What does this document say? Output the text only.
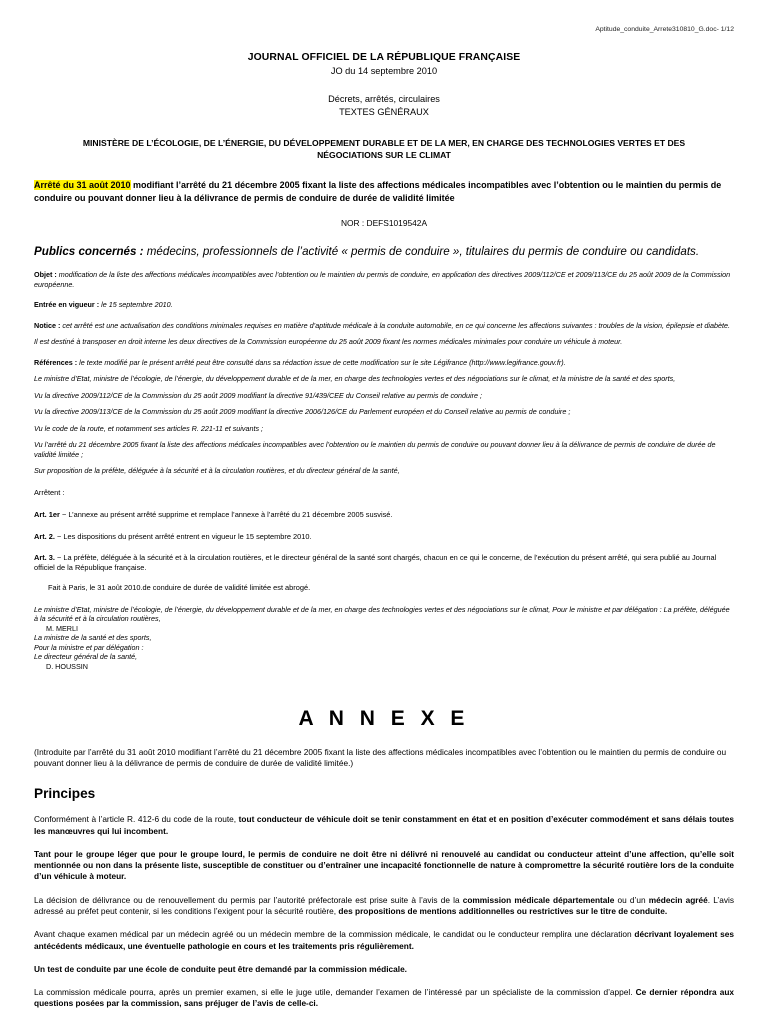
Aptitude_conduite_Arrete310810_G.doc- 1/12
JOURNAL OFFICIEL DE LA RÉPUBLIQUE FRANÇAISE
JO du 14 septembre 2010
Décrets, arrêtés, circulaires
TEXTES GÉNÉRAUX
MINISTÈRE DE L’ÉCOLOGIE, DE L’ÉNERGIE, DU DÉVELOPPEMENT DURABLE ET DE LA MER, EN CHARGE DES TECHNOLOGIES VERTES ET DES NÉGOCIATIONS SUR LE CLIMAT
Arrêté du 31 août 2010 modifiant l’arrêté du 21 décembre 2005 fixant la liste des affections médicales incompatibles avec l’obtention ou le maintien du permis de conduire ou pouvant donner lieu à la délivrance de permis de conduire de durée de validité limitée
NOR : DEFS1019542A
Publics concernés : médecins, professionnels de l’activité « permis de conduire », titulaires du permis de conduire ou candidats.
Objet : modification de la liste des affections médicales incompatibles avec l’obtention ou le maintien du permis de conduire, en application des directives 2009/112/CE et 2009/113/CE du 25 août 2009 de la Commission européenne.
Entrée en vigueur : le 15 septembre 2010.
Notice : cet arrêté est une actualisation des conditions minimales requises en matière d’aptitude médicale à la conduite automobile, en ce qui concerne les affections suivantes : troubles de la vision, épilepsie et diabète.
Il est destiné à transposer en droit interne les deux directives de la Commission européenne du 25 août 2009 fixant les normes médicales minimales pour conduire un véhicule à moteur.
Références : le texte modifié par le présent arrêté peut être consulté dans sa rédaction issue de cette modification sur le site Légifrance (http://www.legifrance.gouv.fr).
Le ministre d’Etat, ministre de l’écologie, de l’énergie, du développement durable et de la mer, en charge des technologies vertes et des négociations sur le climat, et la ministre de la santé et des sports,
Vu la directive 2009/112/CE de la Commission du 25 août 2009 modifiant la directive 91/439/CEE du Conseil relative au permis de conduire ;
Vu la directive 2009/113/CE de la Commission du 25 août 2009 modifiant la directive 2006/126/CE du Parlement européen et du Conseil relative au permis de conduire ;
Vu le code de la route, et notamment ses articles R. 221-11 et suivants ;
Vu l’arrêté du 21 décembre 2005 fixant la liste des affections médicales incompatibles avec l’obtention ou le maintien du permis de conduire ou pouvant donner lieu à la délivrance de permis de conduire de durée de validité limitée ;
Sur proposition de la préfète, déléguée à la sécurité et à la circulation routières, et du directeur général de la santé,
Arrêtent :
Art. 1er − L’annexe au présent arrêté supprime et remplace l’annexe à l’arrêté du 21 décembre 2005 susvisé.
Art. 2. − Les dispositions du présent arrêté entrent en vigueur le 15 septembre 2010.
Art. 3. − La préfète, déléguée à la sécurité et à la circulation routières, et le directeur général de la santé sont chargés, chacun en ce qui le concerne, de l’exécution du présent arrêté, qui sera publié au Journal officiel de la République française.
Fait à Paris, le 31 août 2010.de conduire de durée de validité limitée est abrogé.
Le ministre d’Etat, ministre de l’écologie, de l’énergie, du développement durable et de la mer, en charge des technologies vertes et des négociations sur le climat, Pour le ministre et par délégation : La préfète, déléguée à la sécurité et à la circulation routières,
M. MERLI
La ministre de la santé et des sports,
Pour la ministre et par délégation :
Le directeur général de la santé,
D. HOUSSIN
A N N E X E
(Introduite par l’arrêté du 31 août 2010 modifiant l’arrêté du 21 décembre 2005 fixant la liste des affections médicales incompatibles avec l’obtention ou le maintien du permis de conduire ou pouvant donner lieu à la délivrance de permis de conduire de durée de validité limitée.)
Principes
Conformément à l’article R. 412-6 du code de la route, tout conducteur de véhicule doit se tenir constamment en état et en position d’exécuter commodément et sans délais toutes les manœuvres qui lui incombent.
Tant pour le groupe léger que pour le groupe lourd, le permis de conduire ne doit être ni délivré ni renouvelé au candidat ou conducteur atteint d’une affection, qu’elle soit mentionnée ou non dans la présente liste, susceptible de constituer ou d’entraîner une incapacité fonctionnelle de nature à compromettre la sécurité routière lors de la conduite d’un véhicule à moteur.
La décision de délivrance ou de renouvellement du permis par l’autorité préfectorale est prise suite à l’avis de la commission médicale départementale ou d’un médecin agréé. L’avis adressé au préfet peut contenir, si les conditions l’exigent pour la sécurité routière, des propositions de mentions additionnelles ou restrictives sur le titre de conduite.
Avant chaque examen médical par un médecin agréé ou un médecin membre de la commission médicale, le candidat ou le conducteur remplira une déclaration décrivant loyalement ses antécédents médicaux, une éventuelle pathologie en cours et les traitements pris régulièrement.
Un test de conduite par une école de conduite peut être demandé par la commission médicale.
La commission médicale pourra, après un premier examen, si elle le juge utile, demander l’examen de l’intéressé par un spécialiste de la commission d’appel. Ce dernier répondra aux questions posées par la commission, sans préjuger de l’avis de celle-ci.
